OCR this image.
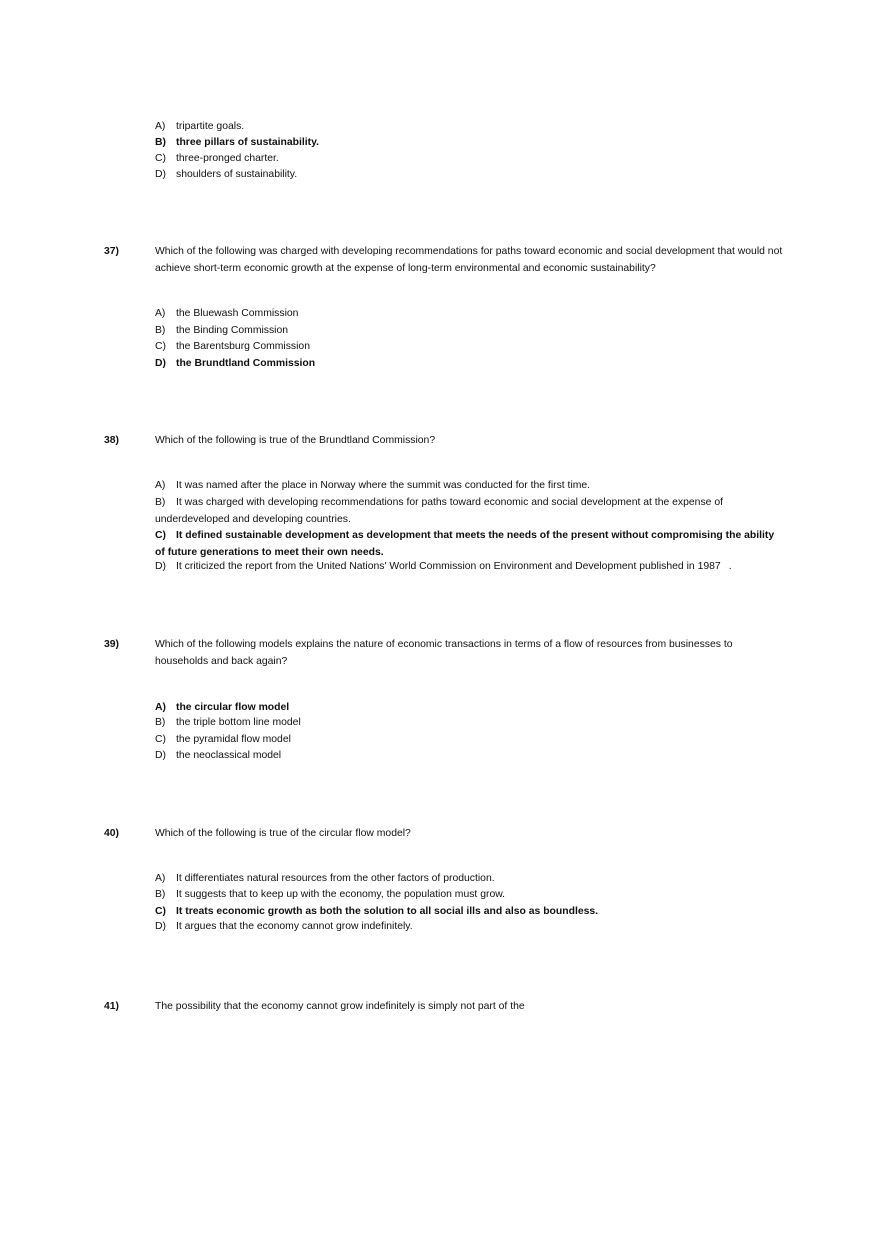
A) tripartite goals.
B) three pillars of sustainability.
C) three-pronged charter.
D) shoulders of sustainability.
37)	Which of the following was charged with developing recommendations for paths toward economic and social development that would not achieve short-term economic growth at the expense of long-term environmental and economic sustainability?
A) the Bluewash Commission
B) the Binding Commission
C) the Barentsburg Commission
D) the Brundtland Commission
38)	Which of the following is true of the Brundtland Commission?
A) It was named after the place in Norway where the summit was conducted for the first time.
B) It was charged with developing recommendations for paths toward economic and social development at the expense of underdeveloped and developing countries.
C) It defined sustainable development as development that meets the needs of the present without compromising the ability of future generations to meet their own needs.
D) It criticized the report from the United Nations' World Commission on Environment and Development published in 1987 .
39)	Which of the following models explains the nature of economic transactions in terms of a flow of resources from businesses to households and back again?
A) the circular flow model
B) the triple bottom line model
C) the pyramidal flow model
D) the neoclassical model
40)	Which of the following is true of the circular flow model?
A) It differentiates natural resources from the other factors of production.
B) It suggests that to keep up with the economy, the population must grow.
C) It treats economic growth as both the solution to all social ills and also as boundless.
D) It argues that the economy cannot grow indefinitely.
41)	The possibility that the economy cannot grow indefinitely is simply not part of the
